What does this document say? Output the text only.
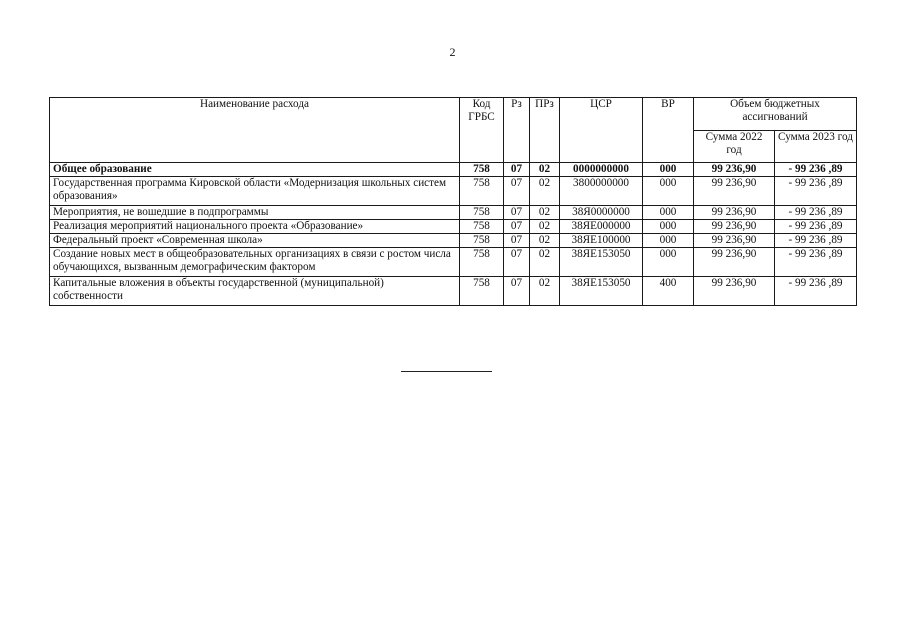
2
Наименование расхода	Код ГРБС	Рз	ПРз	ЦСР	ВР	Объем бюджетных ассигнований	
						Сумма 2022 год	Сумма 2023 год
Общее образование	758	07	02	0000000000	000	99 236,90	- 99 236 ,89
Государственная программа Кировской области «Модернизация школьных систем образования»	758	07	02	3800000000	000	99 236,90	- 99 236 ,89
Мероприятия, не вошедшие в подпрограммы	758	07	02	38Я0000000	000	99 236,90	- 99 236 ,89
Реализация мероприятий национального проекта «Образование»	758	07	02	38ЯЕ000000	000	99 236,90	- 99 236 ,89
Федеральный проект «Современная школа»	758	07	02	38ЯЕ100000	000	99 236,90	- 99 236 ,89
Создание новых мест в общеобразовательных организациях в связи с ростом числа обучающихся, вызванным демографическим фактором	758	07	02	38ЯЕ153050	000	99 236,90	- 99 236 ,89
Капитальные вложения в объекты государственной (муниципальной) собственности	758	07	02	38ЯЕ153050	400	99 236,90	- 99 236 ,89
